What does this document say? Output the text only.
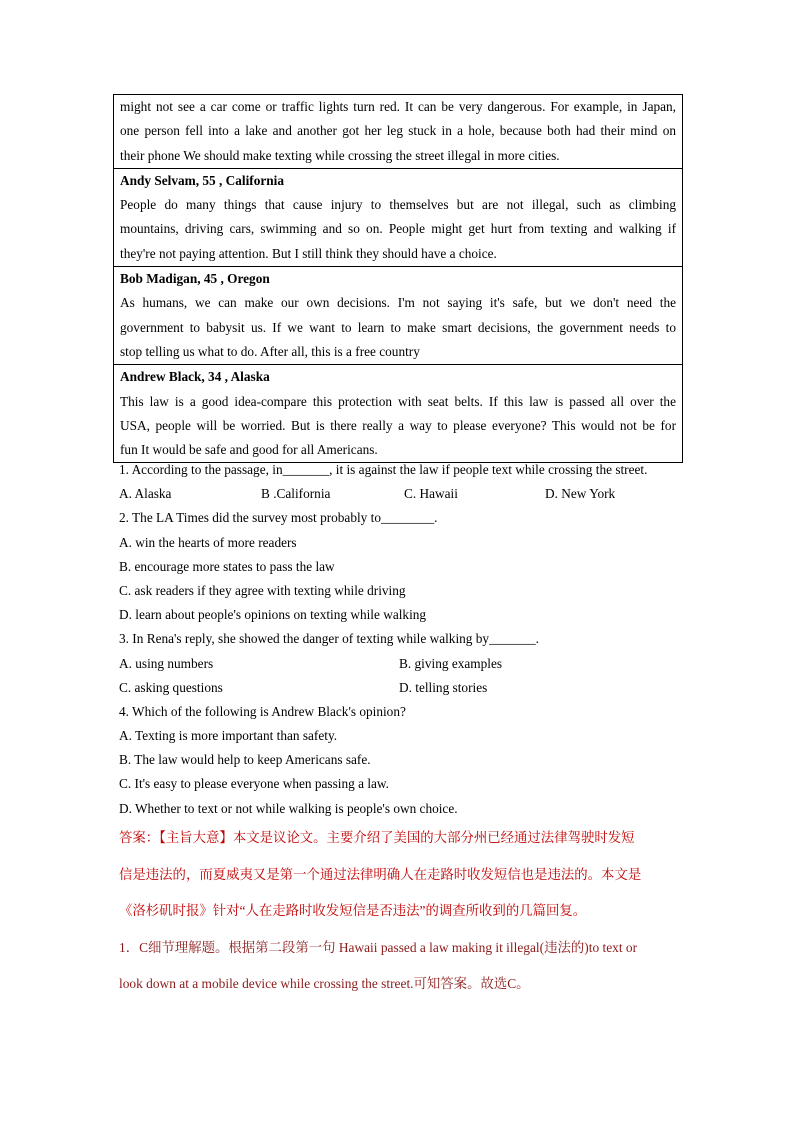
might not see a car come or traffic lights turn red. It can be very dangerous. For example, in Japan,

one person fell into a lake and another got her leg stuck in a hole, because both had their mind on

their phone We should make texting while crossing the street illegal in more cities.

Andy Selvam, 55 , California

People do many things that cause injury to themselves but are not illegal, such as climbing

mountains, driving cars, swimming and so on. People might get hurt from texting and walking if

they're not paying attention. But I still think they should have a choice.

Bob Madigan, 45 , Oregon

As humans, we can make our own decisions. I'm not saying it's safe, but we don't need the

government to babysit us. If we want to learn to make smart decisions, the government needs to

stop telling us what to do. After all, this is a free country

Andrew Black, 34 , Alaska

This law is a good idea-compare this protection with seat belts. If this law is passed all over the

USA, people will be worried. But is there really a way to please everyone? This would not be for

fun It would be safe and good for all Americans.

1. According to the passage, in_______, it is against the law if people text while crossing the street.
A. Alaska	B .California	C. Hawaii	D. New York
2. The LA Times did the survey most probably to________.
A. win the hearts of more readers
B. encourage more states to pass the law
C. ask readers if they agree with texting while driving
D. learn about people's opinions on texting while walking
3. In Rena's reply, she showed the danger of texting while walking by_______.
A. using numbers	B. giving examples
C. asking questions	D. telling stories
4. Which of the following is Andrew Black's opinion?
A. Texting is more important than safety.
B. The law would help to keep Americans safe.
C. It's easy to please everyone when passing a law.
D. Whether to text or not while walking is people's own choice.
答案：【主旨大意】本文是议论文。主要介绍了美国的大部分州已经通过法律驾驶时发短
信是违法的，而夏威夷又是第一个通过法律明确人在走路时收发短信也是违法的。本文是
《洛杉矶时报》针对“人在走路时收发短信是否违法”的调查所收到的几篇回复。
1．C细节理解题。根据第二段第一句 Hawaii passed a law making it illegal(违法的)to text or
look down at a mobile device while crossing the street.可知答案。故选C。
